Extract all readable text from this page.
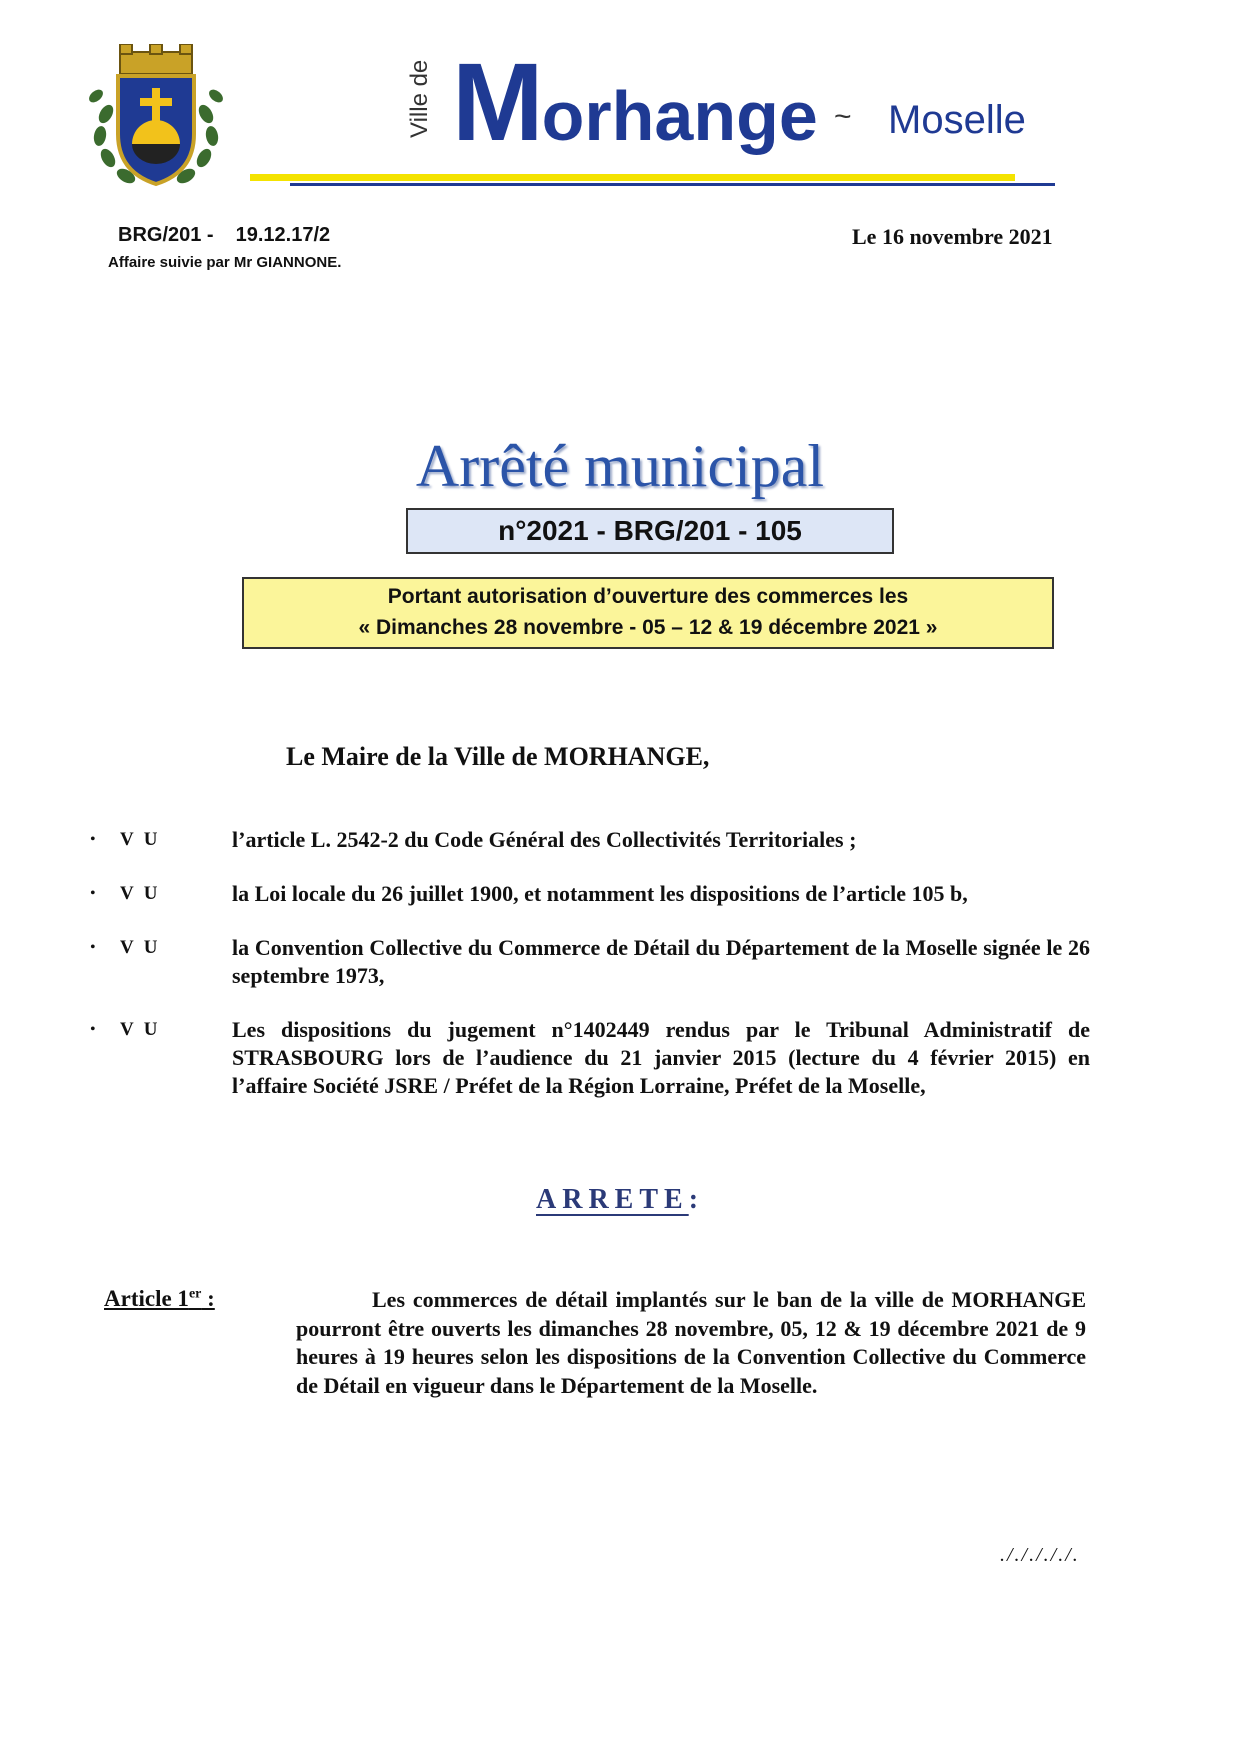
Ville de Morhange ~ Moselle
BRG/201 - 19.12.17/2
Affaire suivie par Mr GIANNONE.
Le 16 novembre 2021
Arrêté municipal
n°2021 - BRG/201 - 105
Portant autorisation d’ouverture des commerces les
« Dimanches 28 novembre - 05 – 12 & 19 décembre 2021 »
Le Maire de la Ville de MORHANGE,
• VU	l’article L. 2542-2 du Code Général des Collectivités Territoriales ;
• VU	la Loi locale du 26 juillet 1900, et notamment les dispositions de l’article 105 b,
• VU	la Convention Collective du Commerce de Détail du Département de la Moselle signée le 26 septembre 1973,
• VU	Les dispositions du jugement n°1402449 rendus par le Tribunal Administratif de STRASBOURG lors de l’audience du 21 janvier 2015 (lecture du 4 février 2015) en l’affaire Société JSRE / Préfet de la Région Lorraine, Préfet de la Moselle,
ARRETE:
Article 1er :	Les commerces de détail implantés sur le ban de la ville de MORHANGE pourront être ouverts les dimanches 28 novembre, 05, 12 & 19 décembre 2021 de 9 heures à 19 heures selon les dispositions de la Convention Collective du Commerce de Détail en vigueur dans le Département de la Moselle.
./././././.
